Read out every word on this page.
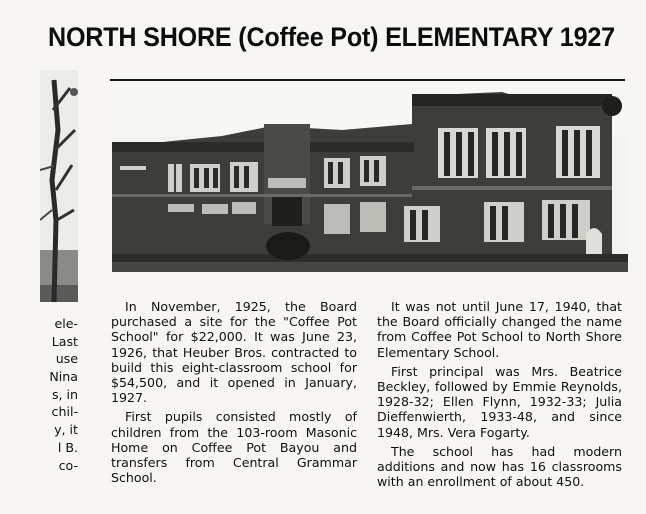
NORTH SHORE (Coffee Pot) ELEMENTARY 1927
ele-
Last
use
Nina
s, in
chil-
y, it
l B.
co-

In November, 1925, the Board purchased a site for the "Coffee Pot School" for $22,000. It was June 23, 1926, that Heuber Bros. contracted to build this eight-classroom school for $54,500, and it opened in January, 1927.

First pupils consisted mostly of children from the 103-room Masonic Home on Coffee Pot Bayou and transfers from Central Grammar School.

It was not until June 17, 1940, that the Board officially changed the name from Coffee Pot School to North Shore Elementary School.

First principal was Mrs. Beatrice Beckley, followed by Emmie Reynolds, 1928-32; Ellen Flynn, 1932-33; Julia Dieffenwierth, 1933-48, and since 1948, Mrs. Vera Fogarty.

The school has had modern additions and now has 16 classrooms with an enrollment of about 450.
